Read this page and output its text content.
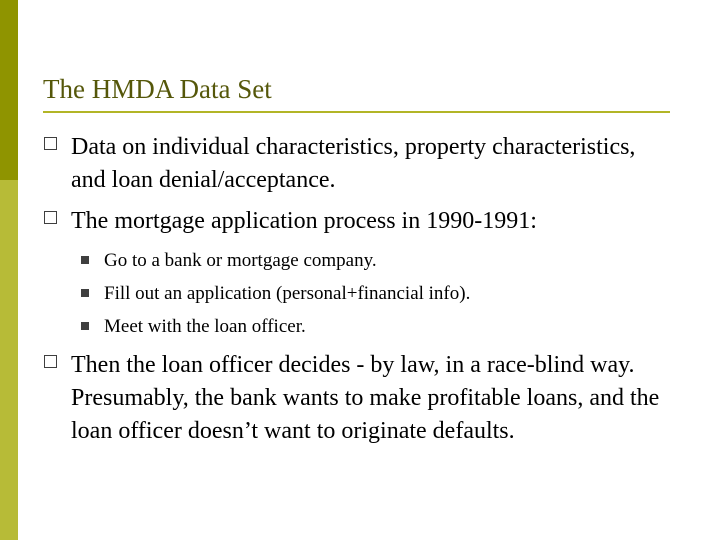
The HMDA Data Set
Data on individual characteristics, property characteristics, and loan denial/acceptance.
The mortgage application process in 1990-1991:
Go to a bank or mortgage company.
Fill out an application (personal+financial info).
Meet with the loan officer.
Then the loan officer decides - by law, in a race-blind way. Presumably, the bank wants to make profitable loans, and the loan officer doesn’t want to originate defaults.
